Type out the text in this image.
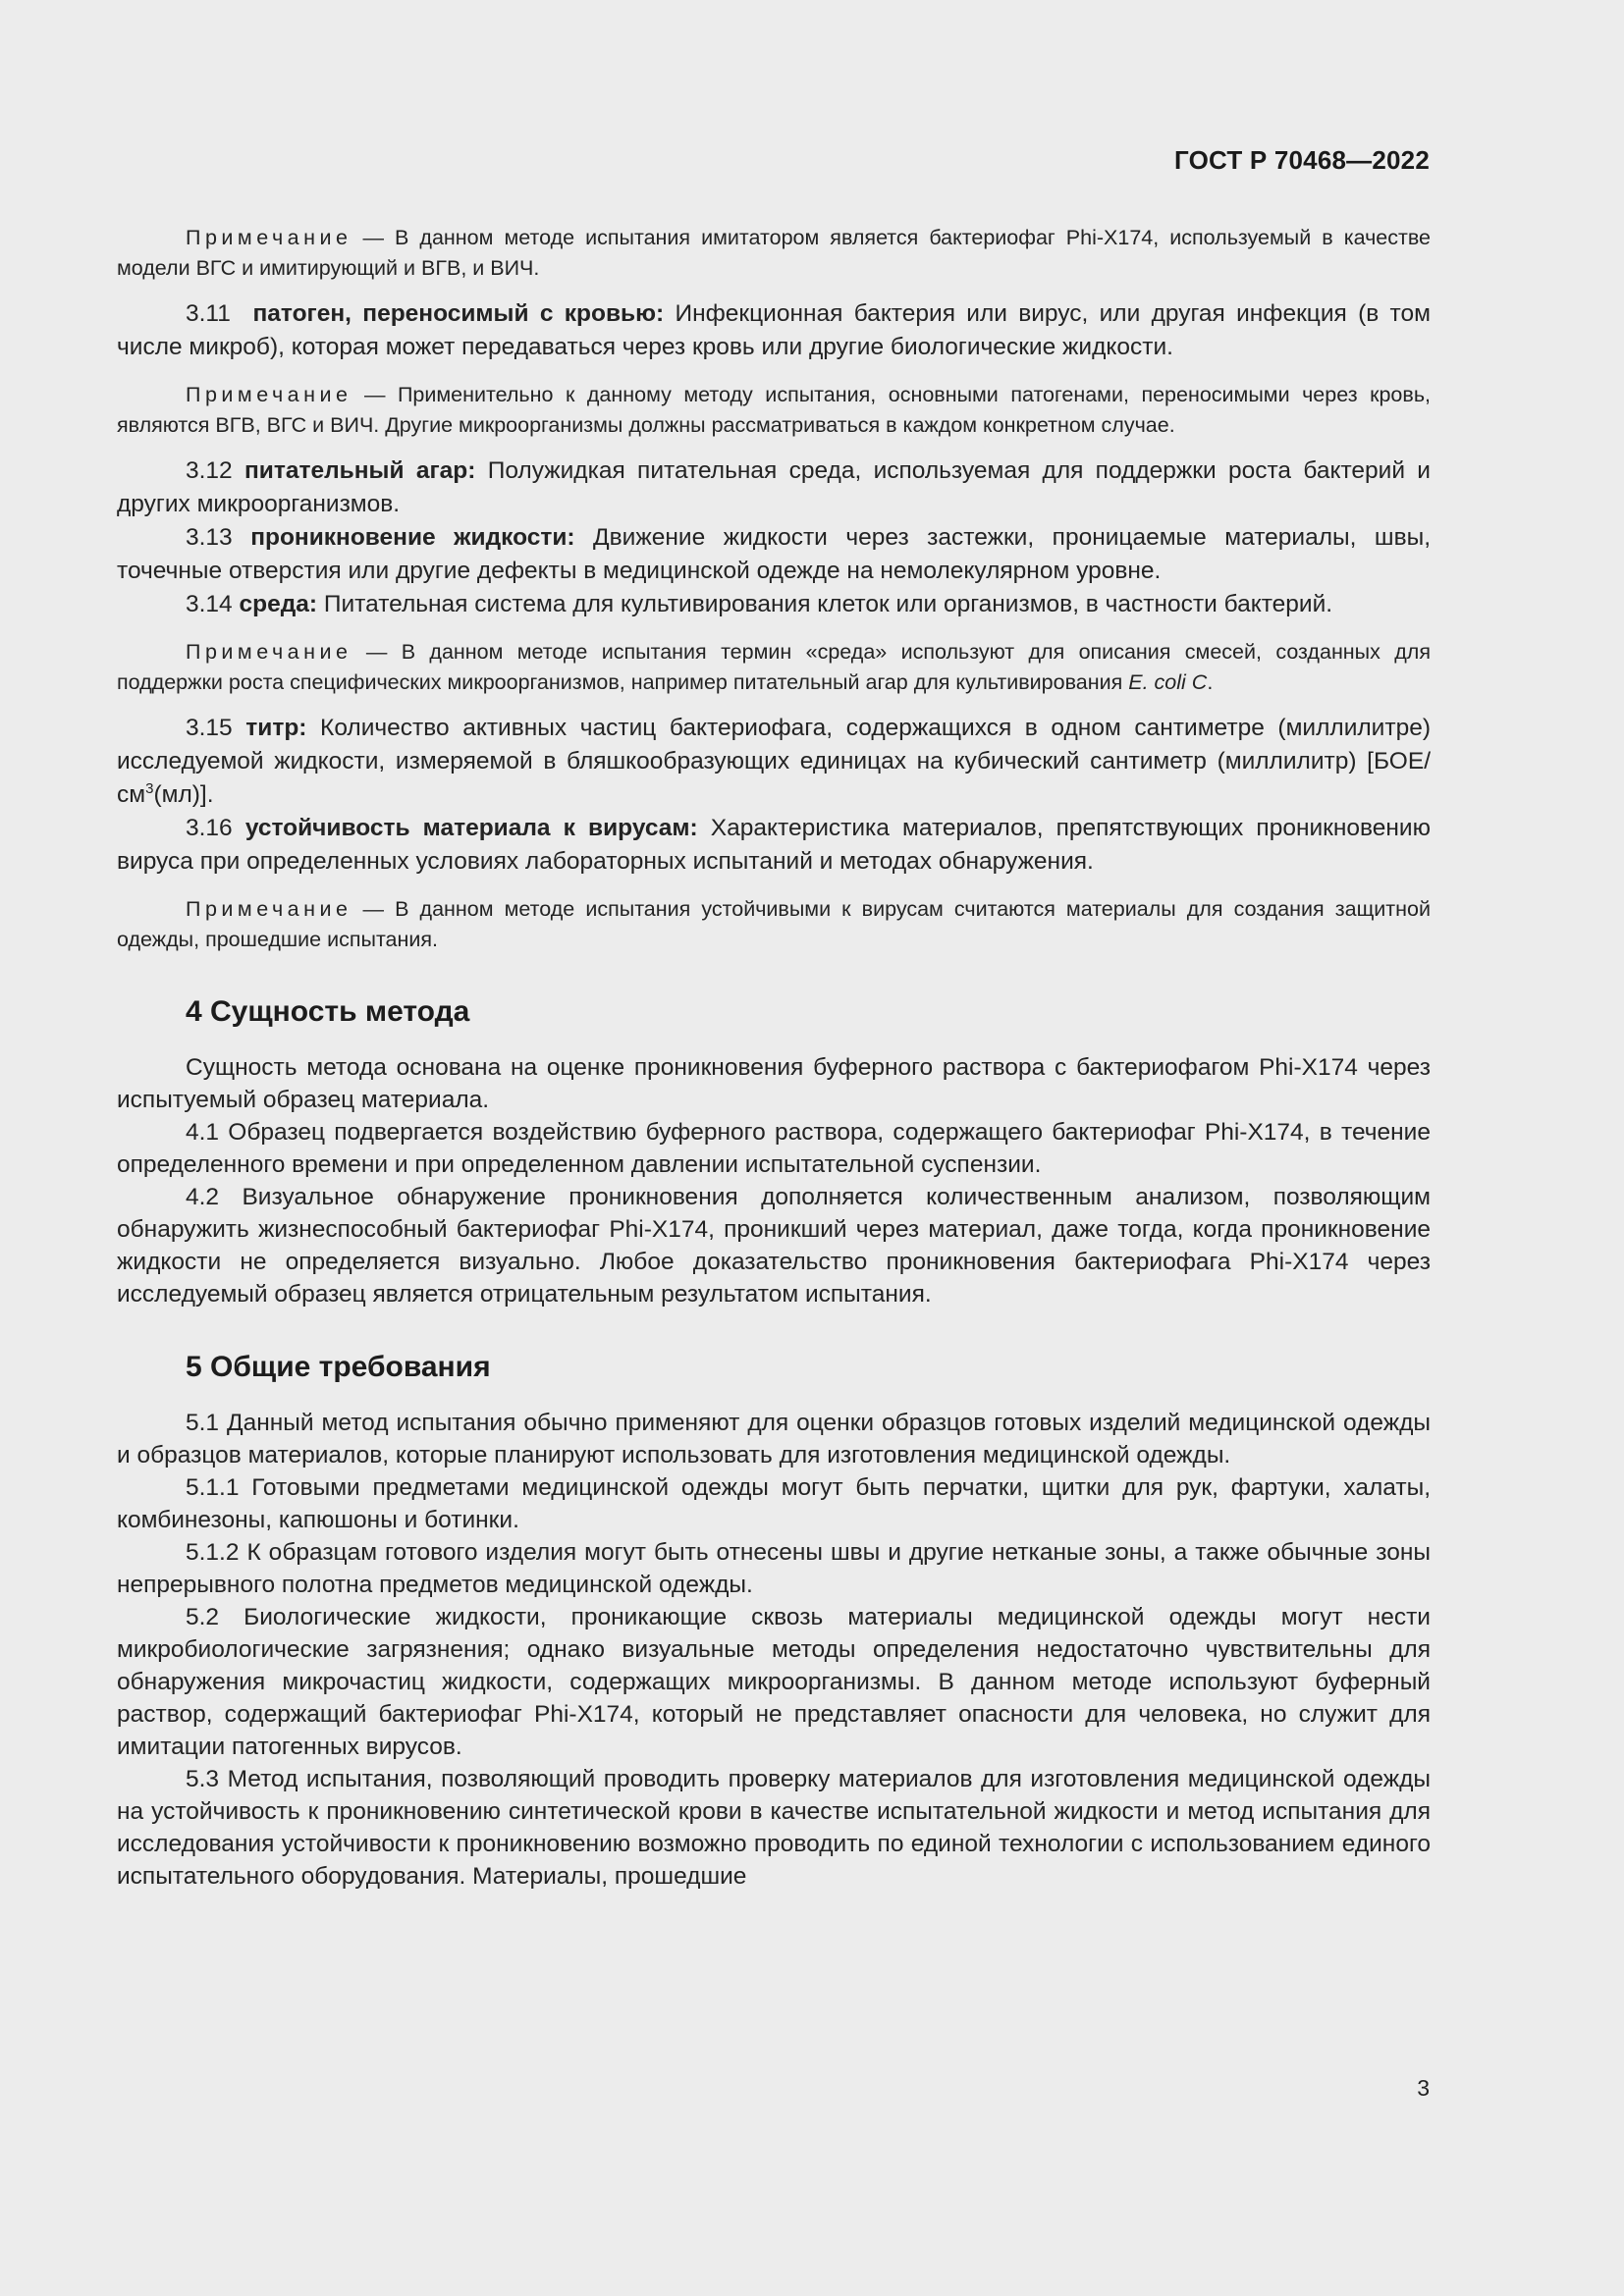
ГОСТ Р 70468—2022

Примечание — В данном методе испытания имитатором является бактериофаг Phi-X174, используемый в качестве модели ВГС и имитирующий и ВГВ, и ВИЧ.

3.11 патоген, переносимый с кровью: Инфекционная бактерия или вирус, или другая инфекция (в том числе микроб), которая может передаваться через кровь или другие биологические жидкости.

Примечание — Применительно к данному методу испытания, основными патогенами, переносимыми через кровь, являются ВГВ, ВГС и ВИЧ. Другие микроорганизмы должны рассматриваться в каждом конкретном случае.

3.12 питательный агар: Полужидкая питательная среда, используемая для поддержки роста бактерий и других микроорганизмов.

3.13 проникновение жидкости: Движение жидкости через застежки, проницаемые материалы, швы, точечные отверстия или другие дефекты в медицинской одежде на немолекулярном уровне.

3.14 среда: Питательная система для культивирования клеток или организмов, в частности бактерий.

Примечание — В данном методе испытания термин «среда» используют для описания смесей, созданных для поддержки роста специфических микроорганизмов, например питательный агар для культивирования E. coli C.

3.15 титр: Количество активных частиц бактериофага, содержащихся в одном сантиметре (миллилитре) исследуемой жидкости, измеряемой в бляшкообразующих единицах на кубический сантиметр (миллилитр) $[БОЕ/см^3(мл)]$.

3.16 устойчивость материала к вирусам: Характеристика материалов, препятствующих проникновению вируса при определенных условиях лабораторных испытаний и методах обнаружения.

Примечание — В данном методе испытания устойчивыми к вирусам считаются материалы для создания защитной одежды, прошедшие испытания.

4 Сущность метода

Сущность метода основана на оценке проникновения буферного раствора с бактериофагом Phi-X174 через испытуемый образец материала.

4.1 Образец подвергается воздействию буферного раствора, содержащего бактериофаг Phi-X174, в течение определенного времени и при определенном давлении испытательной суспензии.

4.2 Визуальное обнаружение проникновения дополняется количественным анализом, позволяющим обнаружить жизнеспособный бактериофаг Phi-X174, проникший через материал, даже тогда, когда проникновение жидкости не определяется визуально. Любое доказательство проникновения бактериофага Phi-X174 через исследуемый образец является отрицательным результатом испытания.

5 Общие требования

5.1 Данный метод испытания обычно применяют для оценки образцов готовых изделий медицинской одежды и образцов материалов, которые планируют использовать для изготовления медицинской одежды.

5.1.1 Готовыми предметами медицинской одежды могут быть перчатки, щитки для рук, фартуки, халаты, комбинезоны, капюшоны и ботинки.

5.1.2 К образцам готового изделия могут быть отнесены швы и другие нетканые зоны, а также обычные зоны непрерывного полотна предметов медицинской одежды.

5.2 Биологические жидкости, проникающие сквозь материалы медицинской одежды могут нести микробиологические загрязнения; однако визуальные методы определения недостаточно чувствительны для обнаружения микрочастиц жидкости, содержащих микроорганизмы. В данном методе используют буферный раствор, содержащий бактериофаг Phi-X174, который не представляет опасности для человека, но служит для имитации патогенных вирусов.

5.3 Метод испытания, позволяющий проводить проверку материалов для изготовления медицинской одежды на устойчивость к проникновению синтетической крови в качестве испытательной жидкости и метод испытания для исследования устойчивости к проникновению возможно проводить по единой технологии с использованием единого испытательного оборудования. Материалы, прошедшие

3
